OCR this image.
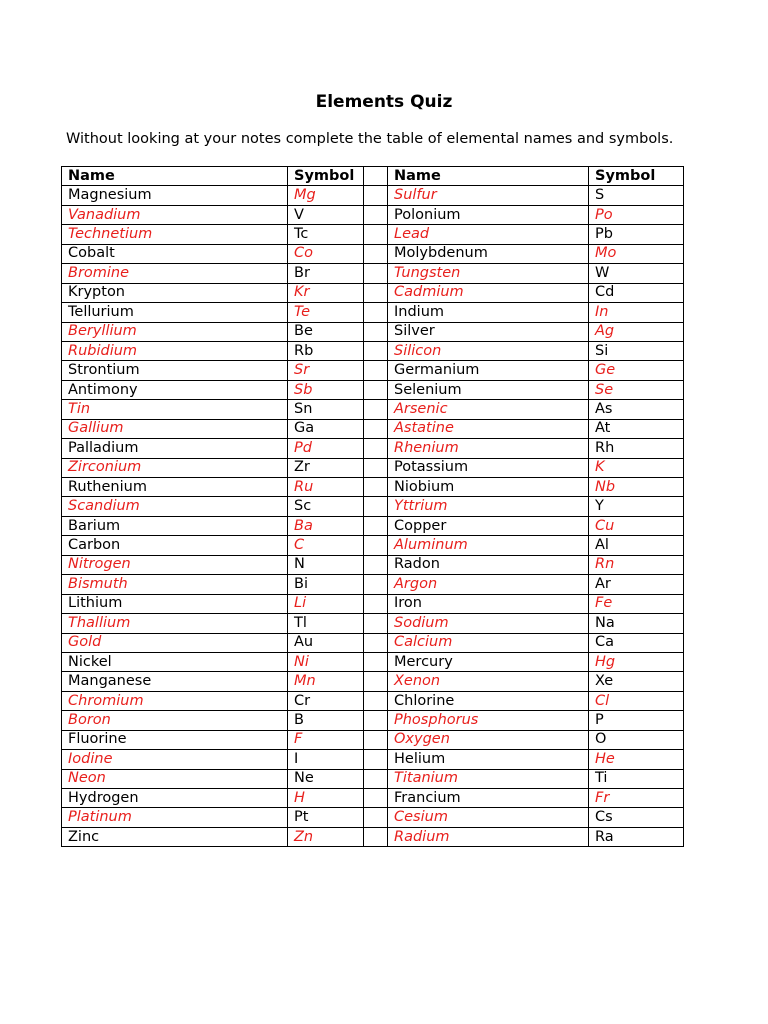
Elements Quiz
Without looking at your notes complete the table of elemental names and symbols.
Name	Symbol		Name	Symbol
Magnesium	Mg		Sulfur	S
Vanadium	V		Polonium	Po
Technetium	Tc		Lead	Pb
Cobalt	Co		Molybdenum	Mo
Bromine	Br		Tungsten	W
Krypton	Kr		Cadmium	Cd
Tellurium	Te		Indium	In
Beryllium	Be		Silver	Ag
Rubidium	Rb		Silicon	Si
Strontium	Sr		Germanium	Ge
Antimony	Sb		Selenium	Se
Tin	Sn		Arsenic	As
Gallium	Ga		Astatine	At
Palladium	Pd		Rhenium	Rh
Zirconium	Zr		Potassium	K
Ruthenium	Ru		Niobium	Nb
Scandium	Sc		Yttrium	Y
Barium	Ba		Copper	Cu
Carbon	C		Aluminum	Al
Nitrogen	N		Radon	Rn
Bismuth	Bi		Argon	Ar
Lithium	Li		Iron	Fe
Thallium	Tl		Sodium	Na
Gold	Au		Calcium	Ca
Nickel	Ni		Mercury	Hg
Manganese	Mn		Xenon	Xe
Chromium	Cr		Chlorine	Cl
Boron	B		Phosphorus	P
Fluorine	F		Oxygen	O
Iodine	I		Helium	He
Neon	Ne		Titanium	Ti
Hydrogen	H		Francium	Fr
Platinum	Pt		Cesium	Cs
Zinc	Zn		Radium	Ra
